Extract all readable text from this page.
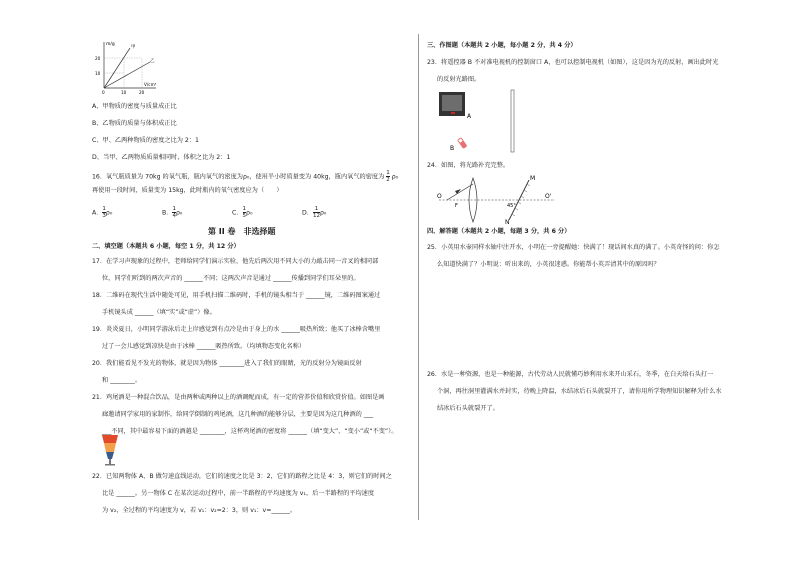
m/g
V/cm³
甲
乙
20
10
0	10	20
A、甲物质的密度与质量成正比
B、乙物质的质量与体积成正比
C、甲、乙两种物质的密度之比为 2：1
D、当甲、乙两物质质量相同时，体积之比为 2：1
16．氧气瓶质量为 70kg 的氧气瓶，瓶内氧气的密度为ρ₀，使用半小时质量变为 40kg，瓶内氧气的密度为 $\frac{1}{2} \rho_0$
再使用一段时间，质量变为 15kg，此时瓶内的氧气密度应为（　　）
第 II 卷　非选择题
二、填空题（本题共 6 小题，每空 1 分，共 12 分）
17．在学习声现象的过程中，老师给同学们演示实验，他先后两次用不同大小的力敲击同一音叉的相同部
位，同学们听到的两次声音的 ______不同；这两次声音是通过 ______传播到同学们耳朵里的。
18．二维码在现代生活中随处可见，用手机扫描二维码时，手机的镜头相当于 ______镜，二维码图案通过
手机镜头成 ______（填“实”或“虚”）像。
19．炎炎夏日，小明同学游泳后走上岸感觉到有点冷是由于身上的水 ______吸热所致；他买了冰棒含嘴里
过了一会儿感觉到凉快是由于冰棒 ______吸热所致。（均填物态变化名称）
20．我们能看见不发光的物体，就是因为物体 ________进入了我们的眼睛，光的反射分为镜面反射
和 ________。
21．鸡尾酒是一种混合饮品，是由两种或两种以上的酒调配而成，有一定的营养价值和欣赏价值。如图是画
廊邀请同学家用的家制作，给同学倒制的鸡尾酒，这几种酒的能够分层，主要是因为这几种酒的 ___
___不同，其中最容易下面的酒越是 ________，这杯鸡尾酒的密度将 ______（填“变大”、“变小”或“不变”）。
22．已知两物体 A、B 做匀速直线运动，它们的速度之比是 3：2，它们的路程之比是 4：3，则它们的时间之
比是 ______。另一物体 C 在某次运动过程中，前一半路程的平均速度为 v₁，后一半路程的平均速度
为 v₂，全过程的平均速度为 v，若 v₁：v₂=2：3，则 v₁：v=______。
三、作图题（本题共 2 小题，每小题 2 分，共 4 分）
23．将遥控器 B 不对准电视机的控制窗口 A，也可以控制电视机（如图），这是因为光的反射，画出此时光
的反射光路图。
A
B
24．如图，将光路补充完整。
O
F
O'
M
N
45°
四、解答题（本题共 2 小题，每题 3 分，共 6 分）
25．小英用水壶同样水轴中注开水，小明在一旁提醒她：快满了！现话间水真的满了。小英奇怪的问：你怎
么知道快满了？小明说：听出来的，小英很迷惑。你能帮小英弄清其中的原因吗？
26．水是一种资源，也是一种能源，古代劳动人民就懂巧妙利用水来开山采石，冬季，在白天给石头打一
个洞，再往洞里灌满水并封实，待晚上降温，水结冰后石头就裂开了，请你用所学物理知识解释为什么水
结冰后石头就裂开了。
A． $\frac{1}{3} \rho_0$	B． $\frac{1}{4} \rho_0$	C． $\frac{1}{5} \rho_0$	D． $\frac{1}{12} \rho_0$
